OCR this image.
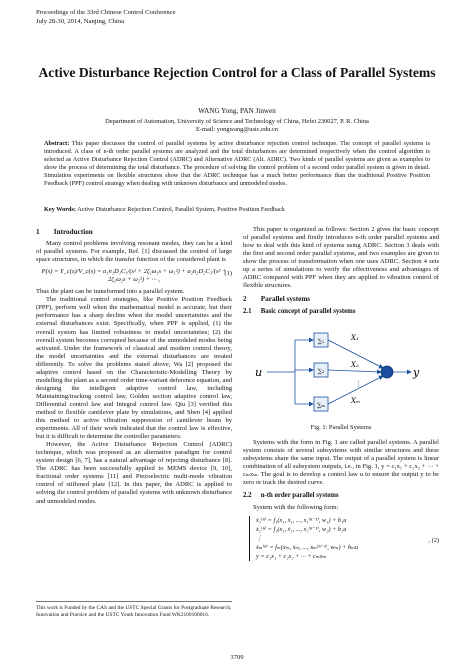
Proceedings of the 33rd Chinese Control Conference
July 28-30, 2014, Nanjing, China
Active Disturbance Rejection Control for a Class of Parallel Systems
WANG Yong, PAN Jinwen
Department of Automation, University of Science and Technology of China, Hefei 230027, P. R. China
E-mail: yongwang@ustc.edu.cn
Abstract: This paper discusses the control of parallel systems by active disturbance rejection control technique. The concept of parallel systems is introduced. A class of n-th order parallel systems are analyzed and the total disturbances are determined respectively when the control algorithm is selected as Active Disturbance Rejection Control (ADRC) and Alternative ADRC (Alt. ADRC). Two kinds of parallel systems are given as examples to show the process of determining the total disturbance. The procedure of solving the control problem of a second order parallel system is given in detail. Simulation experiments on flexible structures show that the ADRC technique has a much better performance than the traditional Positive Position Feedback (PPF) control strategy when dealing with unknown disturbance and unmodeled modes.
Key Words: Active Disturbance Rejection Control, Parallel System, Positive Position Feedback
1 Introduction

Many control problems involving resonant modes, they can be a kind of parallel systems. For example, Ref. [1] discussed the control of large space structures, in which the transfer function of the considered plant is

P(s) = Y_c(s)/V_c(s) = a₁n₁D₁C₁/(s² + 2ζ₁ω₁s + ω₁²) + a₂n₂D₂C₂/(s² + 2ζ₂ω₂s + ω₂²) + ··· ,
(1)

Thus the plant can be transformed into a parallel system.

The traditional control strategies, like Positive Position Feedback (PPF), perform well when the mathematical model is accurate, but their performance has a sharp decline when the model uncertainties and the external disturbances exist. Specifically, when PPF is applied, (1) the overall system has limited robustness to model uncertainties; (2) the overall system becomes corrupted because of the unmodeled modes being activated. Under the framework of classical and modern control theory, the model uncertainties and the external disturbances are treated differently. To solve the problems stated above, Wa [2] proposed the adaptive control based on the Characteristic-Modelling Theory by modelling the plant as a second order time-variant deference equation, and designing the intelligent adaptive control law, including Maintaining/tracking control law, Golden section adaptive control law, Differential control law and Integral control law. Qiu [3] verified this method to flexible cantilever plate by simulations, and Shen [4] applied this method to active vibration suppression of cantilever beam by experiments. All of their work indicated that the control law is effective, but it is difficult to determine the controller parameters.

However, the Active Disturbance Rejection Control (ADRC) technique, which was proposed as an alternative paradigm for control system design [6, 7], has a natural advantage of rejecting disturbance [8]. The ADRC has been successfully applied to MEMS device [9, 10], fractional order systems [11] and Piezoelectric multi-mode vibration control of stiffened plate [12]. In this paper, the ADRC is applied to solving the control problem of parallel systems with unknown disturbance and unmodeled modes.

This work is Funded by the CAS and the USTC Special Grants for Postgraduate Research, Innovation and Practice and the USTC Youth Innovation Fund WK2100100016.

This paper is organized as follows: Section 2 gives the basic concept of parallel systems and firstly introduces n-th order parallel systems and how to deal with this kind of systems using ADRC. Section 3 deals with the first and second order parallel systems, and two examples are given to show the process of transformation when one uses ADRC. Section 4 sets up a series of simulations to verify the effectiveness and advantages of ADRC compared with PPF when they are applied to vibration control of flexible structures.

2 Parallel systems
2.1 Basic concept of parallel systems
∑₁
∑₂
∑ₘ
X₁
X₂
Xₘ
⋮
u	y
Fig. 1: Parallel Systems

Systems with the form in Fig. 1 are called parallel systems. A parallel system consists of several subsystems with similar structures and these subsystems share the same input. The output of a parallel system is linear combination of all subsystem outputs, i.e., in Fig. 1, y = c₁x₁ + c₂x₂ + ··· + cₘxₘ. The goal is to develop a control law u to ensure the output y to be zero or track the desired curve.

2.2 n-th order parallel systems

System with the following form:

ẋ₁⁽ⁿ⁾ = f₁(x₁, ẋ₁, ..., x₁⁽ⁿ⁻¹⁾, w₁) + b₁u
ẋ₂⁽ⁿ⁾ = f₂(x₂, ẋ₂, ..., x₂⁽ⁿ⁻¹⁾, w₂) + b₂u
⋮
ẋₘ⁽ⁿ⁾ = fₘ(xₘ, ẋₘ, ..., xₘ⁽ⁿ⁻¹⁾, wₘ) + bₘu
y = c₁x₁ + c₂x₂ + ··· + cₘxₘ
, (2)
3709
